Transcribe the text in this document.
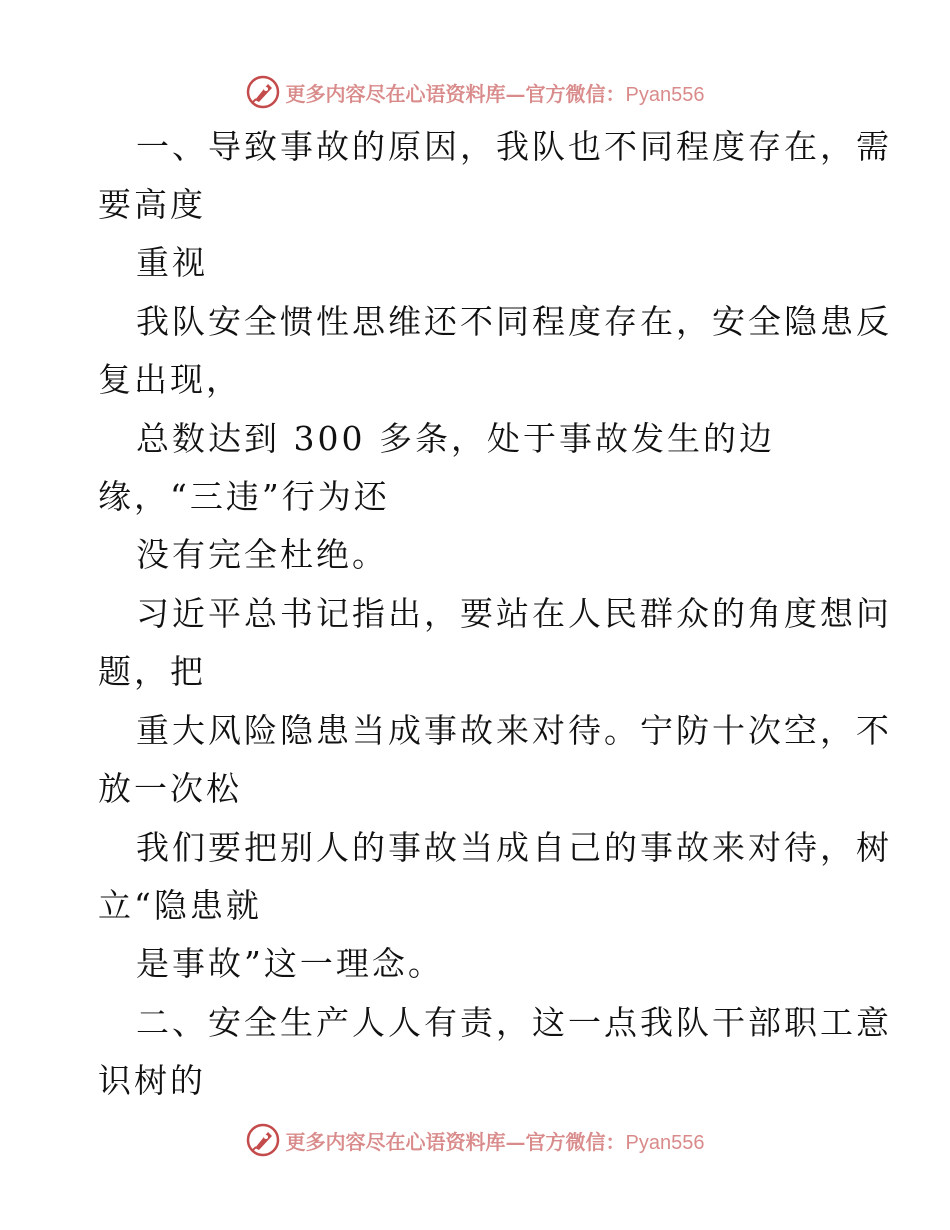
更多内容尽在心语资料库—官方微信：Pyan556
一、导致事故的原因，我队也不同程度存在，需
要高度
重视
我队安全惯性思维还不同程度存在，安全隐患反
复出现，
总数达到 300 多条，处于事故发生的边
缘，“三违”行为还
没有完全杜绝。
习近平总书记指出，要站在人民群众的角度想问
题，把
重大风险隐患当成事故来对待。宁防十次空，不
放一次松
我们要把别人的事故当成自己的事故来对待，树
立“隐患就
是事故”这一理念。
二、安全生产人人有责，这一点我队干部职工意
识树的
更多内容尽在心语资料库—官方微信：Pyan556
